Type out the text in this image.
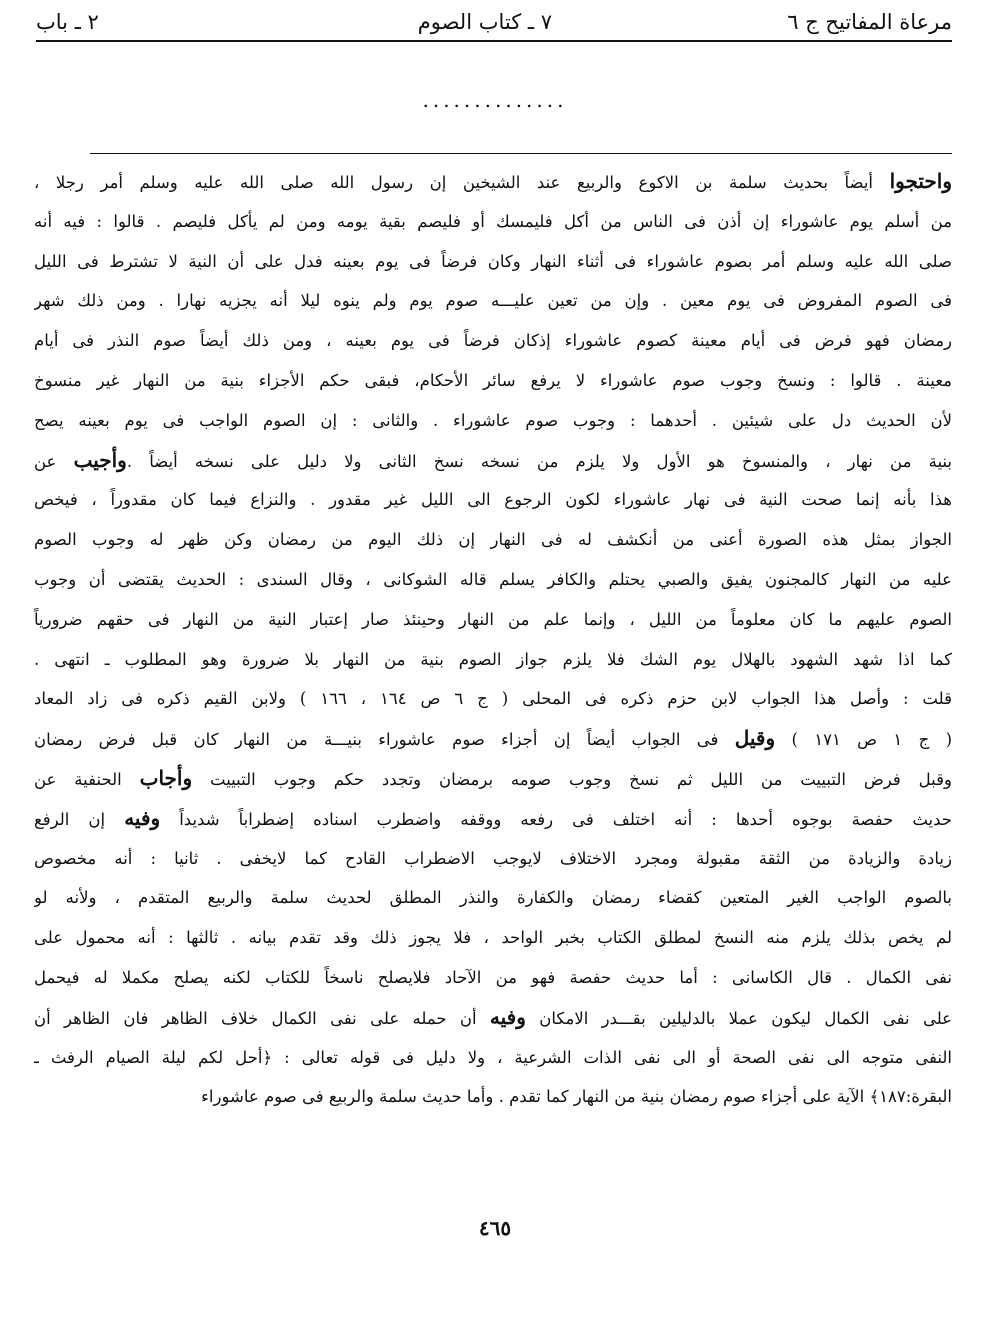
مرعاة المفاتيح ج ٦
٧ ـ كتاب الصوم
٢ ـ باب
..............
واحتجوا أيضاً بحديث سلمة بن الاكوع والربيع عند الشيخين إن رسول الله صلى الله عليه وسلم أمر رجلا ،
من أسلم يوم عاشوراء إن أذن فى الناس من أكل فليمسك أو فليصم بقية يومه ومن لم يأكل فليصم . قالوا : فيه أنه
صلى الله عليه وسلم أمر بصوم عاشوراء فى أثناء النهار وكان فرضاً فى يوم بعينه فدل على أن النية لا تشترط فى الليل
فى الصوم المفروض فى يوم معين . وإن من تعين عليـــه صوم يوم ولم ينوه ليلا أنه يجزيه نهارا . ومن ذلك شهر
رمضان فهو فرض فى أيام معينة كصوم عاشوراء إذكان فرضاً فى يوم بعينه ، ومن ذلك أيضاً صوم النذر فى أيام
معينة . قالوا : ونسخ وجوب صوم عاشوراء لا يرفع سائر الأحكام، فبقى حكم الأجزاء بنية من النهار غير منسوخ
لأن الحديث دل على شيئين . أحدهما : وجوب صوم عاشوراء . والثانى : إن الصوم الواجب فى يوم بعينه يصح
بنية من نهار ، والمنسوخ هو الأول ولا يلزم من نسخه نسخ الثانى ولا دليل على نسخه أيضاً .وأجيب عن
هذا بأنه إنما صحت النية فى نهار عاشوراء لكون الرجوع الى الليل غير مقدور . والنزاع فيما كان مقدوراً ، فيخص
الجواز بمثل هذه الصورة أعنى من أنكشف له فى النهار إن ذلك اليوم من رمضان وكن ظهر له وجوب الصوم
عليه من النهار كالمجنون يفيق والصبي يحتلم والكافر يسلم قاله الشوكانى ، وقال السندى : الحديث يقتضى أن وجوب
الصوم عليهم ما كان معلوماً من الليل ، وإنما علم من النهار وحينئذ صار إعتبار النية من النهار فى حقهم ضرورياً
كما اذا شهد الشهود بالهلال يوم الشك فلا يلزم جواز الصوم بنية من النهار بلا ضرورة وهو المطلوب ـ انتهى .
قلت : وأصل هذا الجواب لابن حزم ذكره فى المحلى ( ج ٦ ص ١٦٤ ، ١٦٦ ) ولابن القيم ذكره فى زاد المعاد
( ج ١ ص ١٧١ ) وقيل فى الجواب أيضاً إن أجزاء صوم عاشوراء بنيـــة من النهار كان قبل فرض رمضان
وقبل فرض التبييت من الليل ثم نسخ وجوب صومه برمضان وتجدد حكم وجوب التبييت وأجاب الحنفية عن
حديث حفصة بوجوه أحدها : أنه اختلف فى رفعه ووقفه واضطرب اسناده إضطراباً شديداً وفيه إن الرفع
زيادة والزيادة من الثقة مقبولة ومجرد الاختلاف لايوجب الاضطراب القادح كما لايخفى . ثانيا : أنه مخصوص
بالصوم الواجب الغير المتعين كقضاء رمضان والكفارة والنذر المطلق لحديث سلمة والربيع المتقدم ، ولأنه لو
لم يخص بذلك يلزم منه النسخ لمطلق الكتاب بخبر الواحد ، فلا يجوز ذلك وقد تقدم بيانه . ثالثها : أنه محمول على
نفى الكمال . قال الكاسانى : أما حديث حفصة فهو من الآحاد فلايصلح ناسخاً للكتاب لكنه يصلح مكملا له فيحمل
على نفى الكمال ليكون عملا بالدليلين بقـــدر الامكان وفيه أن حمله على نفى الكمال خلاف الظاهر فان الظاهر أن
النفى متوجه الى نفى الصحة أو الى نفى الذات الشرعية ، ولا دليل فى قوله تعالى : ﴿أحل لكم ليلة الصيام الرفث ـ
البقرة:١٨٧﴾ الآية على أجزاء صوم رمضان بنية من النهار كما تقدم . وأما حديث سلمة والربيع فى صوم عاشوراء
٤٦٥
